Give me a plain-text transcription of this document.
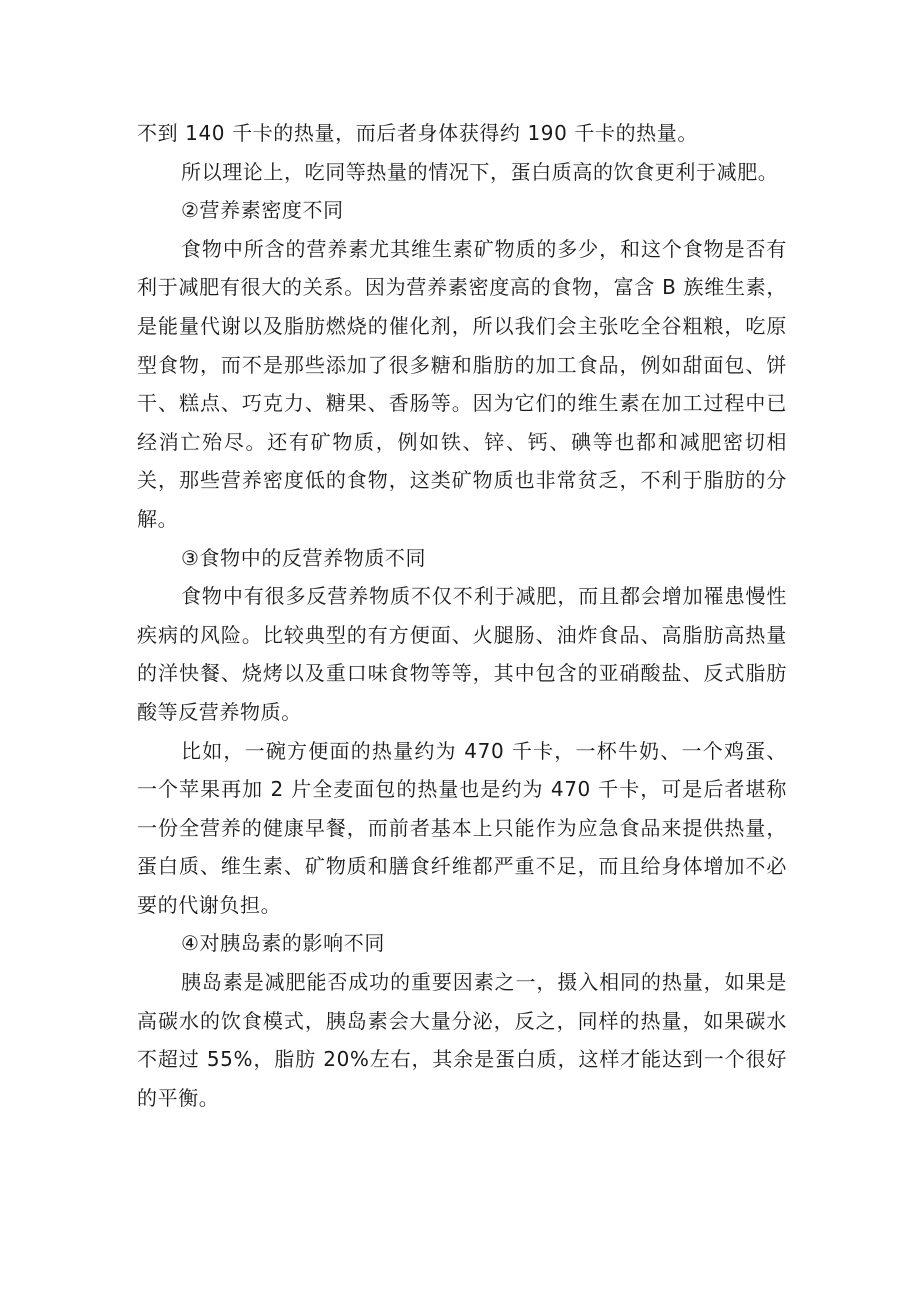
不到 140 千卡的热量，而后者身体获得约 190 千卡的热量。

所以理论上，吃同等热量的情况下，蛋白质高的饮食更利于减肥。

②营养素密度不同

食物中所含的营养素尤其维生素矿物质的多少，和这个食物是否有利于减肥有很大的关系。因为营养素密度高的食物，富含 B 族维生素，是能量代谢以及脂肪燃烧的催化剂，所以我们会主张吃全谷粗粮，吃原型食物，而不是那些添加了很多糖和脂肪的加工食品，例如甜面包、饼干、糕点、巧克力、糖果、香肠等。因为它们的维生素在加工过程中已经消亡殆尽。还有矿物质，例如铁、锌、钙、碘等也都和减肥密切相关，那些营养密度低的食物，这类矿物质也非常贫乏，不利于脂肪的分解。

③食物中的反营养物质不同

食物中有很多反营养物质不仅不利于减肥，而且都会增加罹患慢性疾病的风险。比较典型的有方便面、火腿肠、油炸食品、高脂肪高热量的洋快餐、烧烤以及重口味食物等等，其中包含的亚硝酸盐、反式脂肪酸等反营养物质。

比如，一碗方便面的热量约为 470 千卡，一杯牛奶、一个鸡蛋、一个苹果再加 2 片全麦面包的热量也是约为 470 千卡，可是后者堪称一份全营养的健康早餐，而前者基本上只能作为应急食品来提供热量，蛋白质、维生素、矿物质和膳食纤维都严重不足，而且给身体增加不必要的代谢负担。

④对胰岛素的影响不同

胰岛素是减肥能否成功的重要因素之一，摄入相同的热量，如果是高碳水的饮食模式，胰岛素会大量分泌，反之，同样的热量，如果碳水不超过 55%，脂肪 20%左右，其余是蛋白质，这样才能达到一个很好的平衡。
